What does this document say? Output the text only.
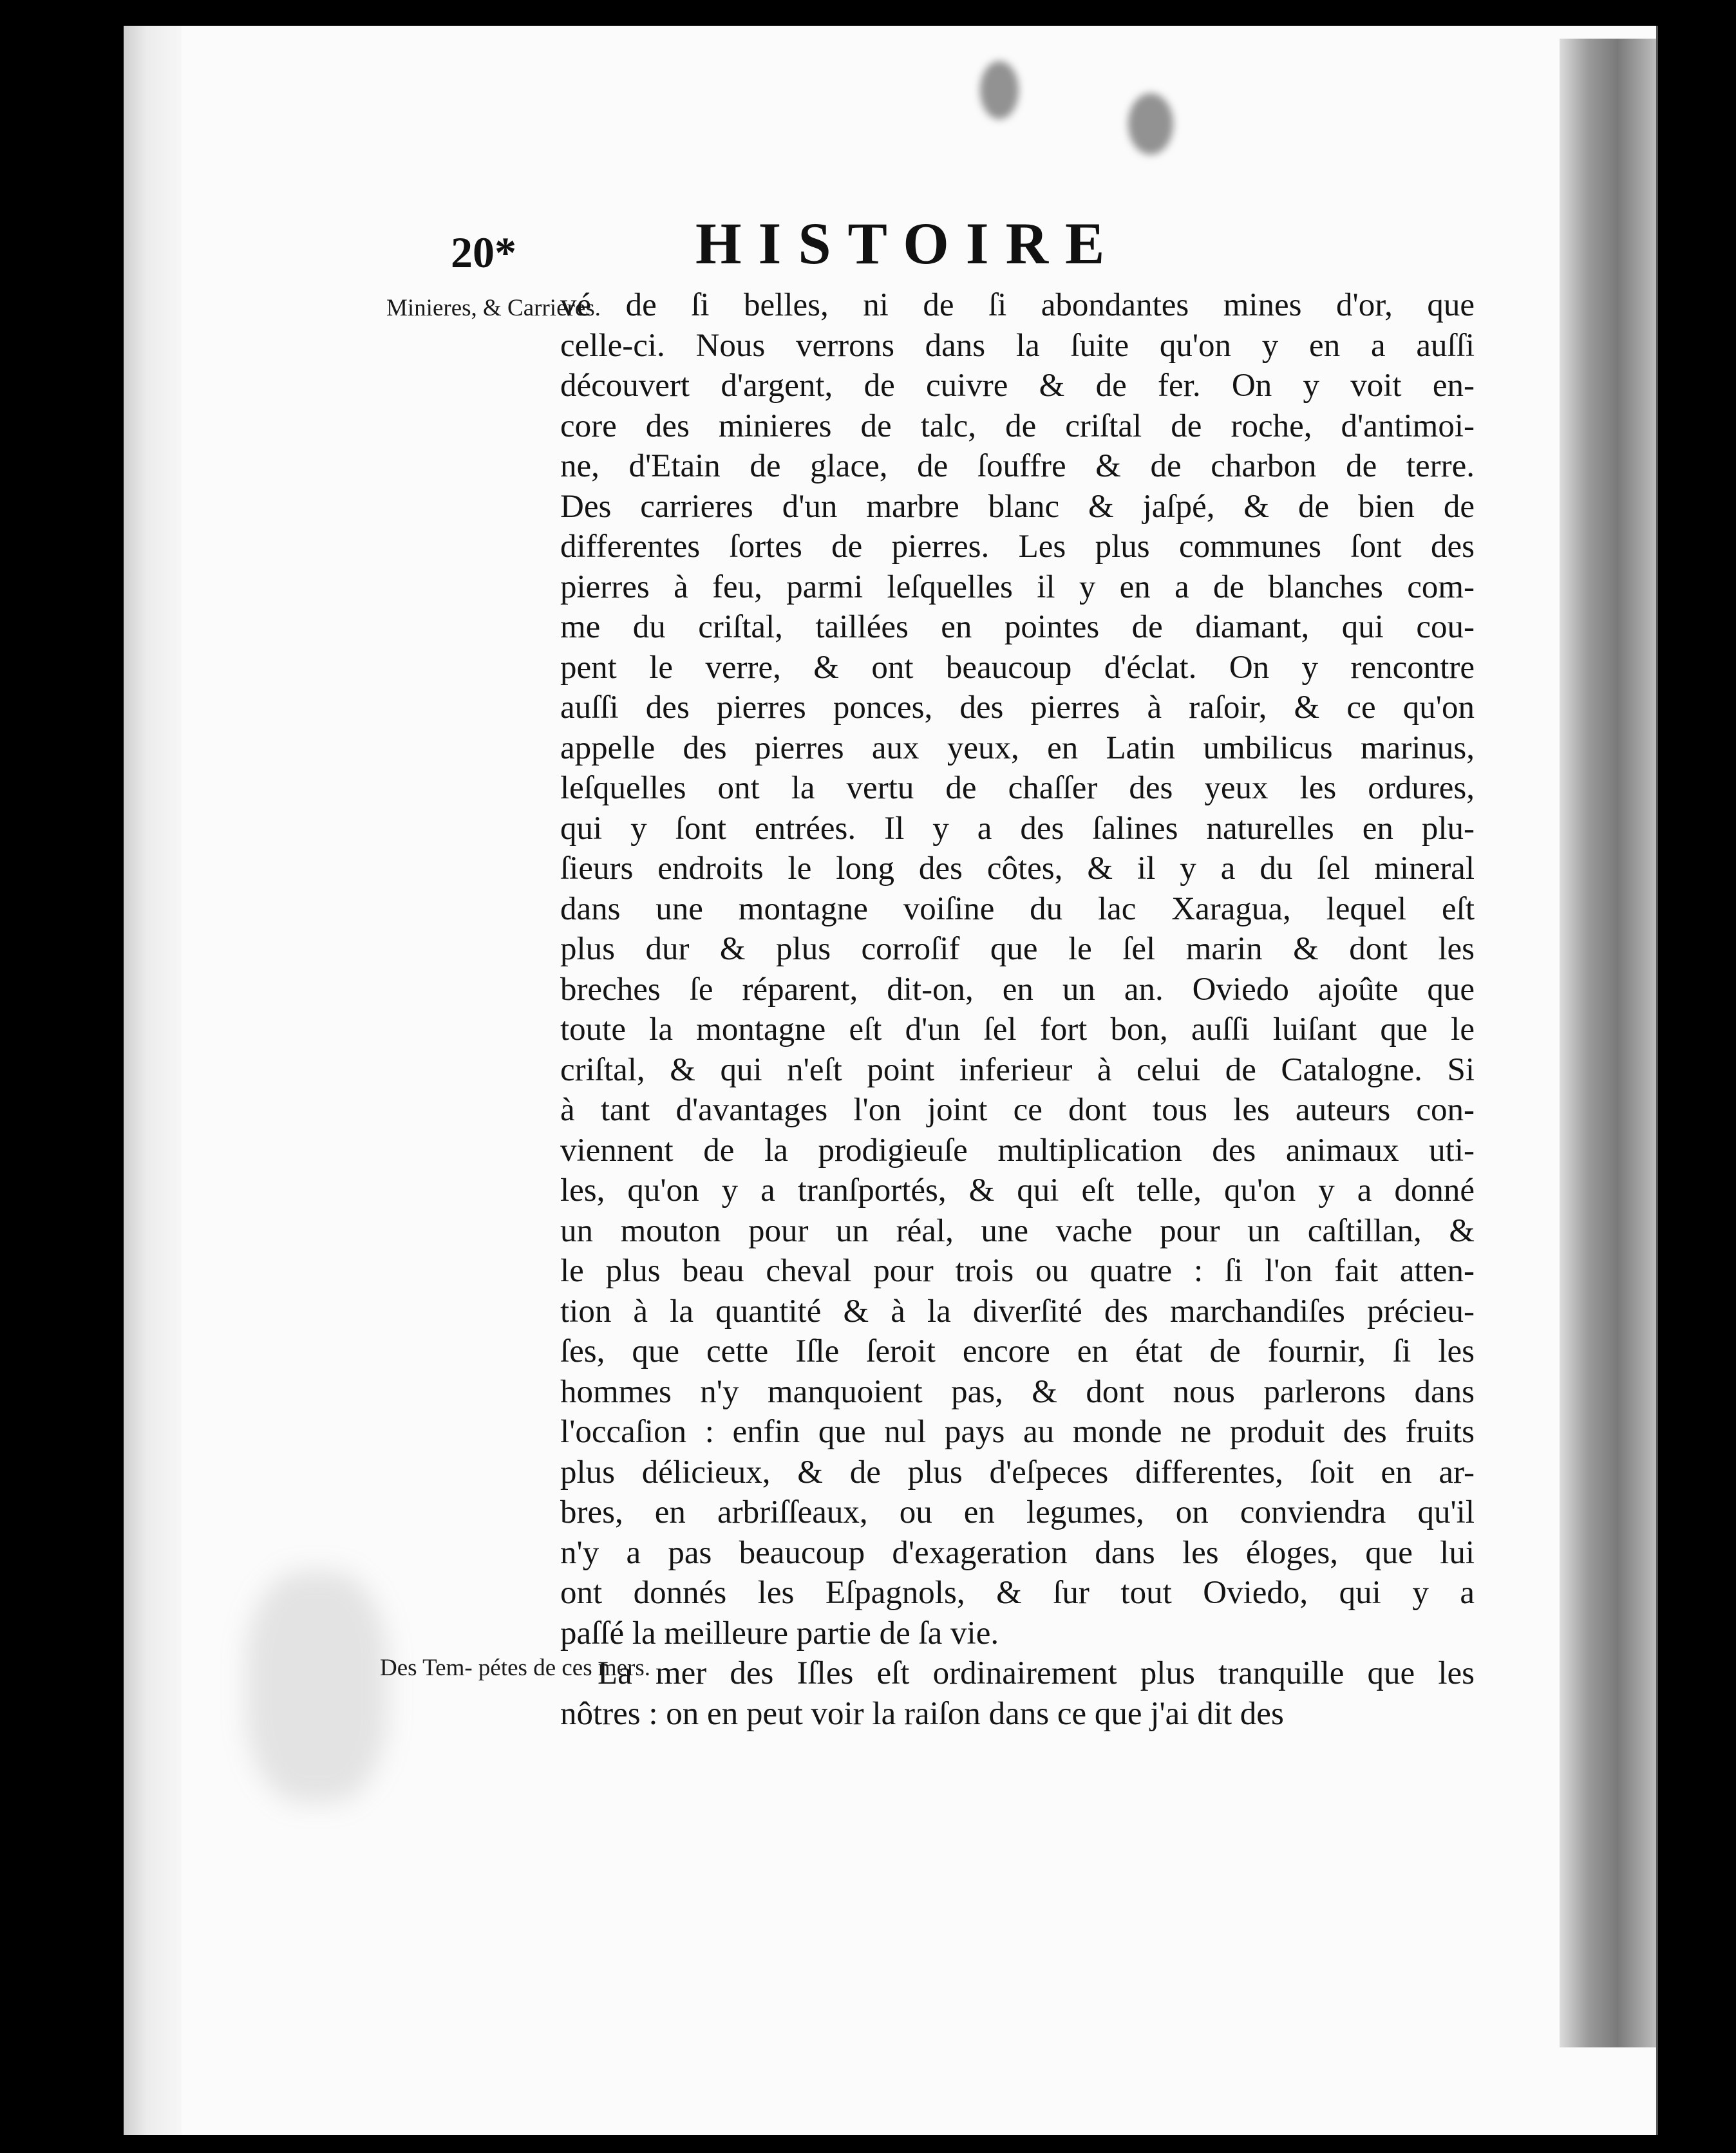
20*	HISTOIRE
Minieres, & Carrieres.
Des Tem- pétes de ces mers.
vé de ſi belles, ni de ſi abondantes mines d'or, que
celle-ci. Nous verrons dans la ſuite qu'on y en a auſſi
découvert d'argent, de cuivre & de fer. On y voit en-
core des minieres de talc, de criſtal de roche, d'antimoi-
ne, d'Etain de glace, de ſouffre & de charbon de terre.
Des carrieres d'un marbre blanc & jaſpé, & de bien de
differentes ſortes de pierres. Les plus communes ſont des
pierres à feu, parmi leſquelles il y en a de blanches com-
me du criſtal, taillées en pointes de diamant, qui cou-
pent le verre, & ont beaucoup d'éclat. On y rencontre
auſſi des pierres ponces, des pierres à raſoir, & ce qu'on
appelle des pierres aux yeux, en Latin umbilicus marinus,
leſquelles ont la vertu de chaſſer des yeux les ordures,
qui y ſont entrées. Il y a des ſalines naturelles en plu-
ſieurs endroits le long des côtes, & il y a du ſel mineral
dans une montagne voiſine du lac Xaragua, lequel eſt
plus dur & plus corroſif que le ſel marin & dont les
breches ſe réparent, dit-on, en un an. Oviedo ajoûte que
toute la montagne eſt d'un ſel fort bon, auſſi luiſant que le
criſtal, & qui n'eſt point inferieur à celui de Catalogne. Si
à tant d'avantages l'on joint ce dont tous les auteurs con-
viennent de la prodigieuſe multiplication des animaux uti-
les, qu'on y a tranſportés, & qui eſt telle, qu'on y a donné
un mouton pour un réal, une vache pour un caſtillan, &
le plus beau cheval pour trois ou quatre : ſi l'on fait atten-
tion à la quantité & à la diverſité des marchandiſes précieu-
ſes, que cette Iſle ſeroit encore en état de fournir, ſi les
hommes n'y manquoient pas, & dont nous parlerons dans
l'occaſion : enfin que nul pays au monde ne produit des fruits
plus délicieux, & de plus d'eſpeces differentes, ſoit en ar-
bres, en arbriſſeaux, ou en legumes, on conviendra qu'il
n'y a pas beaucoup d'exageration dans les éloges, que lui
ont donnés les Eſpagnols, & ſur tout Oviedo, qui y a
paſſé la meilleure partie de ſa vie.
La mer des Iſles eſt ordinairement plus tranquille que les
nôtres : on en peut voir la raiſon dans ce que j'ai dit des
